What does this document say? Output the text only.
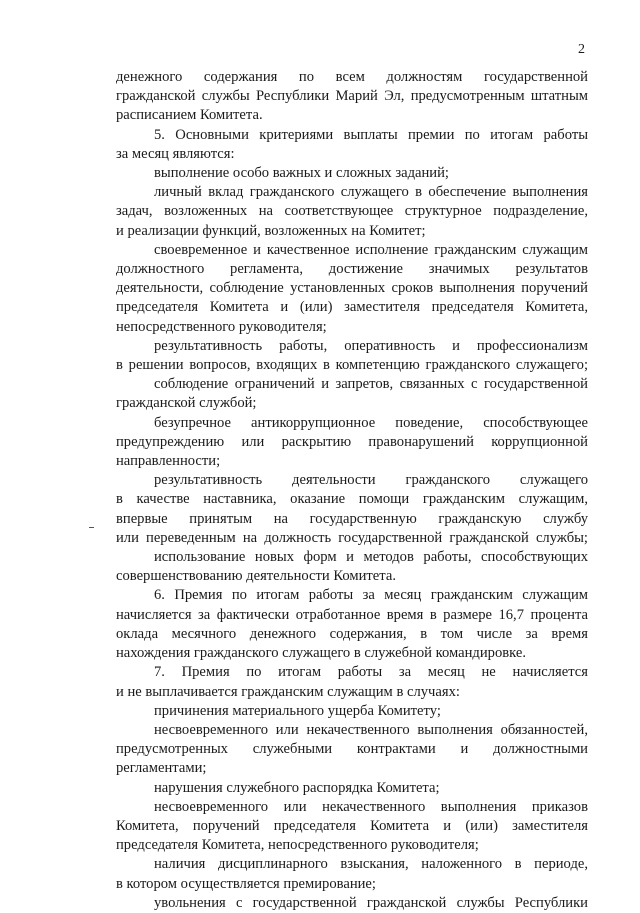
2

денежного содержания по всем должностям государственной

гражданской службы Республики Марий Эл, предусмотренным штатным

расписанием Комитета.

5. Основными критериями выплаты премии по итогам работы

за месяц являются:

выполнение особо важных и сложных заданий;

личный вклад гражданского служащего в обеспечение выполнения

задач, возложенных на соответствующее структурное подразделение,

и реализации функций, возложенных на Комитет;

своевременное и качественное исполнение гражданским служащим

должностного регламента, достижение значимых результатов

деятельности, соблюдение установленных сроков выполнения поручений

председателя Комитета и (или) заместителя председателя Комитета,

непосредственного руководителя;

результативность работы, оперативность и профессионализм

в решении вопросов, входящих в компетенцию гражданского служащего;

соблюдение ограничений и запретов, связанных с государственной

гражданской службой;

безупречное антикоррупционное поведение, способствующее

предупреждению или раскрытию правонарушений коррупционной

направленности;

результативность деятельности гражданского служащего

в качестве наставника, оказание помощи гражданским служащим,

впервые принятым на государственную гражданскую службу

или переведенным на должность государственной гражданской службы;

использование новых форм и методов работы, способствующих

совершенствованию деятельности Комитета.

6. Премия по итогам работы за месяц гражданским служащим

начисляется за фактически отработанное время в размере 16,7 процента

оклада месячного денежного содержания, в том числе за время

нахождения гражданского служащего в служебной командировке.

7. Премия по итогам работы за месяц не начисляется

и не выплачивается гражданским служащим в случаях:

причинения материального ущерба Комитету;

несвоевременного или некачественного выполнения обязанностей,

предусмотренных служебными контрактами и должностными

регламентами;

нарушения служебного распорядка Комитета;

несвоевременного или некачественного выполнения приказов

Комитета, поручений председателя Комитета и (или) заместителя

председателя Комитета, непосредственного руководителя;

наличия дисциплинарного взыскания, наложенного в периоде,

в котором осуществляется премирование;

увольнения с государственной гражданской службы Республики
